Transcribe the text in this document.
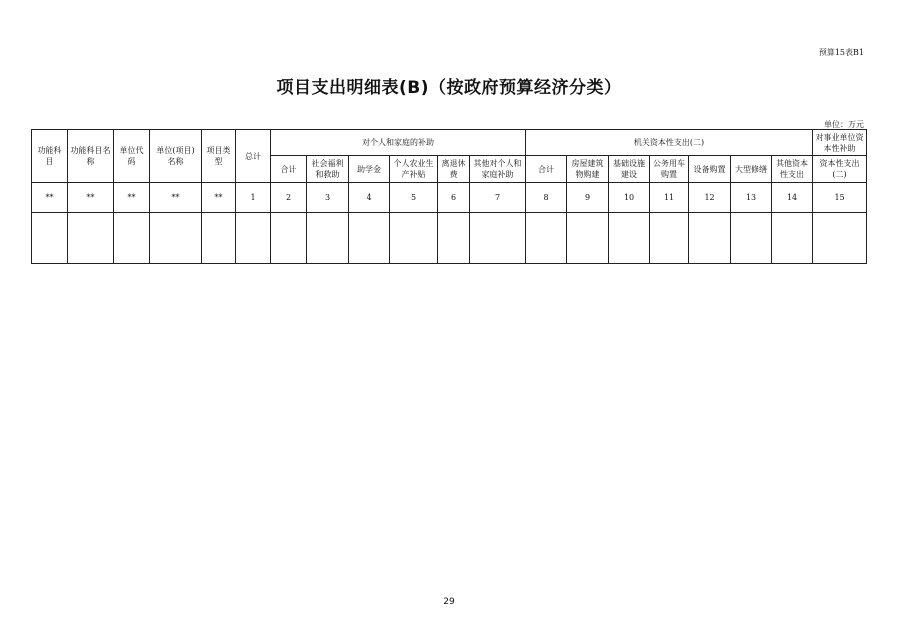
预算15表B1
项目支出明细表(B)（按政府预算经济分类）
单位：万元
功能科目	功能科目名称	单位代码	单位(项目) 名称	项目类型	总计	对个人和家庭的补助						机关资本性支出(二)							对事业单位资本性补助
						合计	社会福利和救助	助学金	个人农业生产补贴	离退休费	其他对个人和家庭补助	合计	房屋建筑物购建	基础设施建设	公务用车购置	设备购置	大型修缮	其他资本性支出	资本性支出(二)
**	**	**	**	**	1	2	3	4	5	6	7	8	9	10	11	12	13	14	15

29
